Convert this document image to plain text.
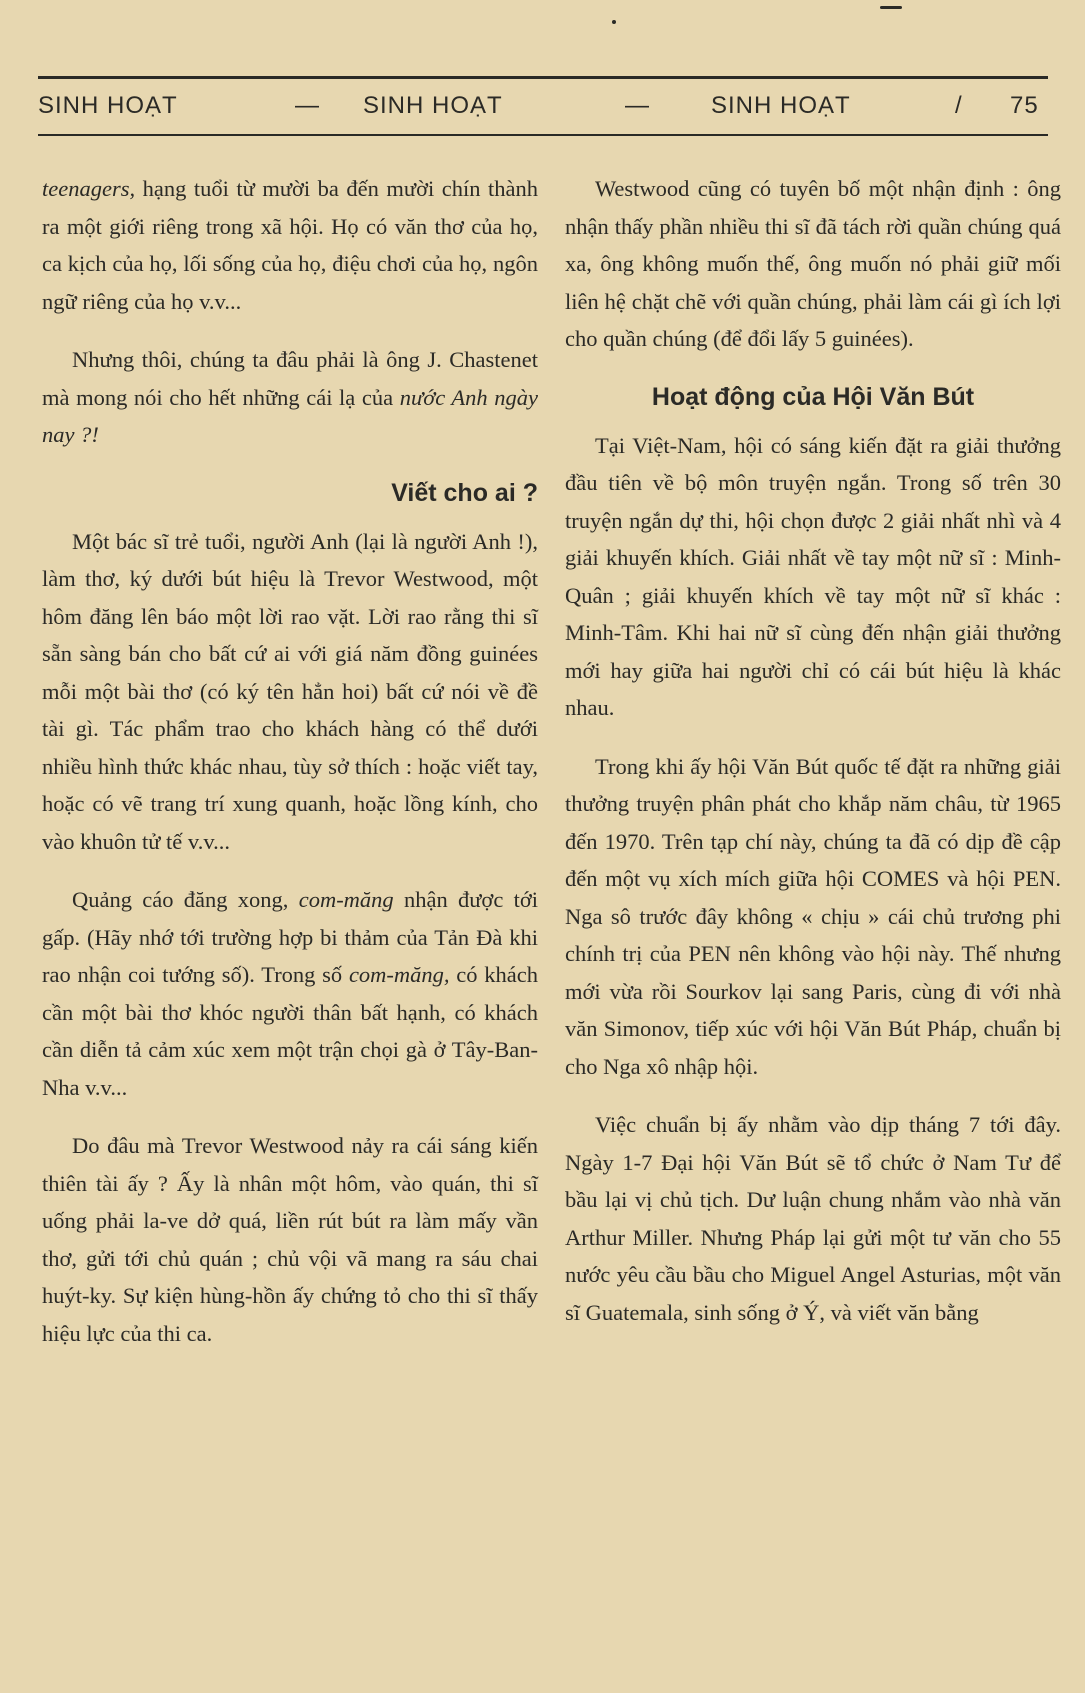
SINH HOẠT	— SINH HOẠT	—	SINH HOẠT	/ 75

teenagers, hạng tuổi từ mười ba đến mười chín thành ra một giới riêng trong xã hội. Họ có văn thơ của họ, ca kịch của họ, lối sống của họ, điệu chơi của họ, ngôn ngữ riêng của họ v.v...

Nhưng thôi, chúng ta đâu phải là ông J. Chastenet mà mong nói cho hết những cái lạ của nước Anh ngày nay ?!

Viết cho ai ?

Một bác sĩ trẻ tuổi, người Anh (lại là người Anh !), làm thơ, ký dưới bút hiệu là Trevor Westwood, một hôm đăng lên báo một lời rao vặt. Lời rao rằng thi sĩ sẵn sàng bán cho bất cứ ai với giá năm đồng guinées mỗi một bài thơ (có ký tên hẳn hoi) bất cứ nói về đề tài gì. Tác phẩm trao cho khách hàng có thể dưới nhiều hình thức khác nhau, tùy sở thích : hoặc viết tay, hoặc có vẽ trang trí xung quanh, hoặc lồng kính, cho vào khuôn tử tế v.v...

Quảng cáo đăng xong, com-măng nhận được tới gấp. (Hãy nhớ tới trường hợp bi thảm của Tản Đà khi rao nhận coi tướng số). Trong số com-măng, có khách cần một bài thơ khóc người thân bất hạnh, có khách cần diễn tả cảm xúc xem một trận chọi gà ở Tây-Ban-Nha v.v...

Do đâu mà Trevor Westwood nảy ra cái sáng kiến thiên tài ấy ? Ấy là nhân một hôm, vào quán, thi sĩ uống phải la-ve dở quá, liền rút bút ra làm mấy vần thơ, gửi tới chủ quán ; chủ vội vã mang ra sáu chai huýt-ky. Sự kiện hùng-hồn ấy chứng tỏ cho thi sĩ thấy hiệu lực của thi ca.

Westwood cũng có tuyên bố một nhận định : ông nhận thấy phần nhiều thi sĩ đã tách rời quần chúng quá xa, ông không muốn thế, ông muốn nó phải giữ mối liên hệ chặt chẽ với quần chúng, phải làm cái gì ích lợi cho quần chúng (để đổi lấy 5 guinées).

Hoạt động của Hội Văn Bút

Tại Việt-Nam, hội có sáng kiến đặt ra giải thưởng đầu tiên về bộ môn truyện ngắn. Trong số trên 30 truyện ngắn dự thi, hội chọn được 2 giải nhất nhì và 4 giải khuyến khích. Giải nhất về tay một nữ sĩ : Minh-Quân ; giải khuyến khích về tay một nữ sĩ khác : Minh-Tâm. Khi hai nữ sĩ cùng đến nhận giải thưởng mới hay giữa hai người chỉ có cái bút hiệu là khác nhau.

Trong khi ấy hội Văn Bút quốc tế đặt ra những giải thưởng truyện phân phát cho khắp năm châu, từ 1965 đến 1970. Trên tạp chí này, chúng ta đã có dịp đề cập đến một vụ xích mích giữa hội COMES và hội PEN. Nga sô trước đây không « chịu » cái chủ trương phi chính trị của PEN nên không vào hội này. Thế nhưng mới vừa rồi Sourkov lại sang Paris, cùng đi với nhà văn Simonov, tiếp xúc với hội Văn Bút Pháp, chuẩn bị cho Nga xô nhập hội.

Việc chuẩn bị ấy nhằm vào dịp tháng 7 tới đây. Ngày 1-7 Đại hội Văn Bút sẽ tổ chức ở Nam Tư để bầu lại vị chủ tịch. Dư luận chung nhắm vào nhà văn Arthur Miller. Nhưng Pháp lại gửi một tư văn cho 55 nước yêu cầu bầu cho Miguel Angel Asturias, một văn sĩ Guatemala, sinh sống ở Ý, và viết văn bằng
